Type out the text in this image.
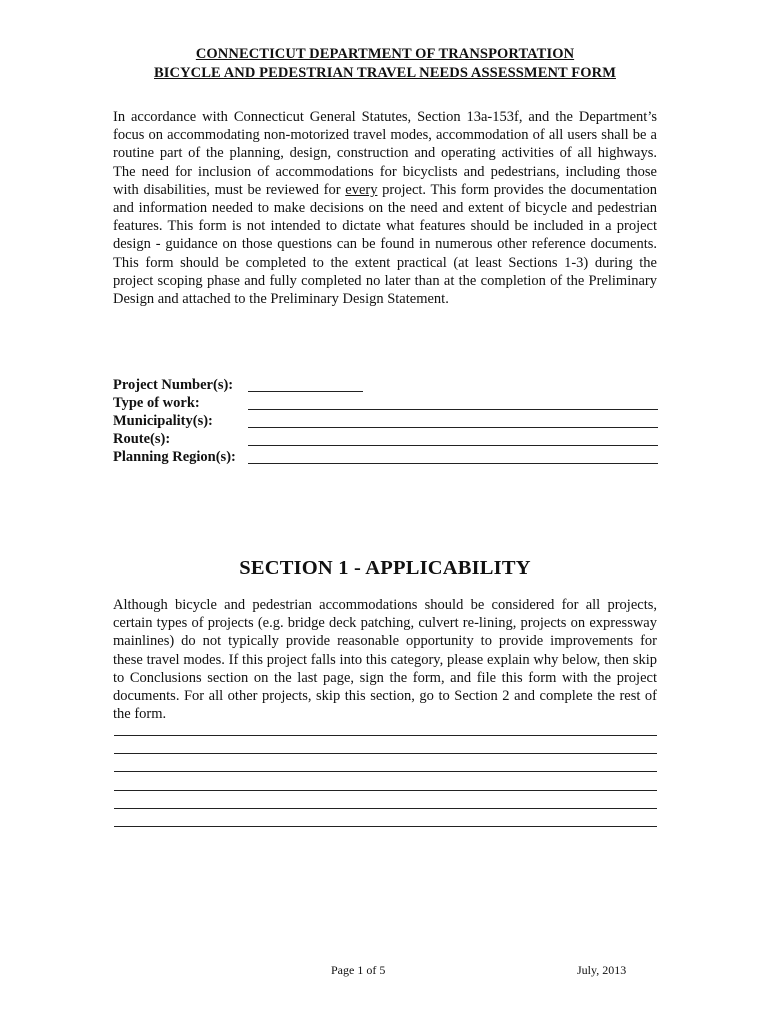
CONNECTICUT DEPARTMENT OF TRANSPORTATION
BICYCLE AND PEDESTRIAN TRAVEL NEEDS ASSESSMENT FORM
In accordance with Connecticut General Statutes, Section 13a-153f, and the Department’s focus on accommodating non-motorized travel modes, accommodation of all users shall be a routine part of the planning, design, construction and operating activities of all highways. The need for inclusion of accommodations for bicyclists and pedestrians, including those with disabilities, must be reviewed for every project. This form provides the documentation and information needed to make decisions on the need and extent of bicycle and pedestrian features. This form is not intended to dictate what features should be included in a project design - guidance on those questions can be found in numerous other reference documents. This form should be completed to the extent practical (at least Sections 1-3) during the project scoping phase and fully completed no later than at the completion of the Preliminary Design and attached to the Preliminary Design Statement.
Project Number(s):
Type of work:
Municipality(s):
Route(s):
Planning Region(s):
SECTION 1 - APPLICABILITY
Although bicycle and pedestrian accommodations should be considered for all projects, certain types of projects (e.g. bridge deck patching, culvert re-lining, projects on expressway mainlines) do not typically provide reasonable opportunity to provide improvements for these travel modes. If this project falls into this category, please explain why below, then skip to Conclusions section on the last page, sign the form, and file this form with the project documents. For all other projects, skip this section, go to Section 2 and complete the rest of the form.
Page 1 of 5	July, 2013
